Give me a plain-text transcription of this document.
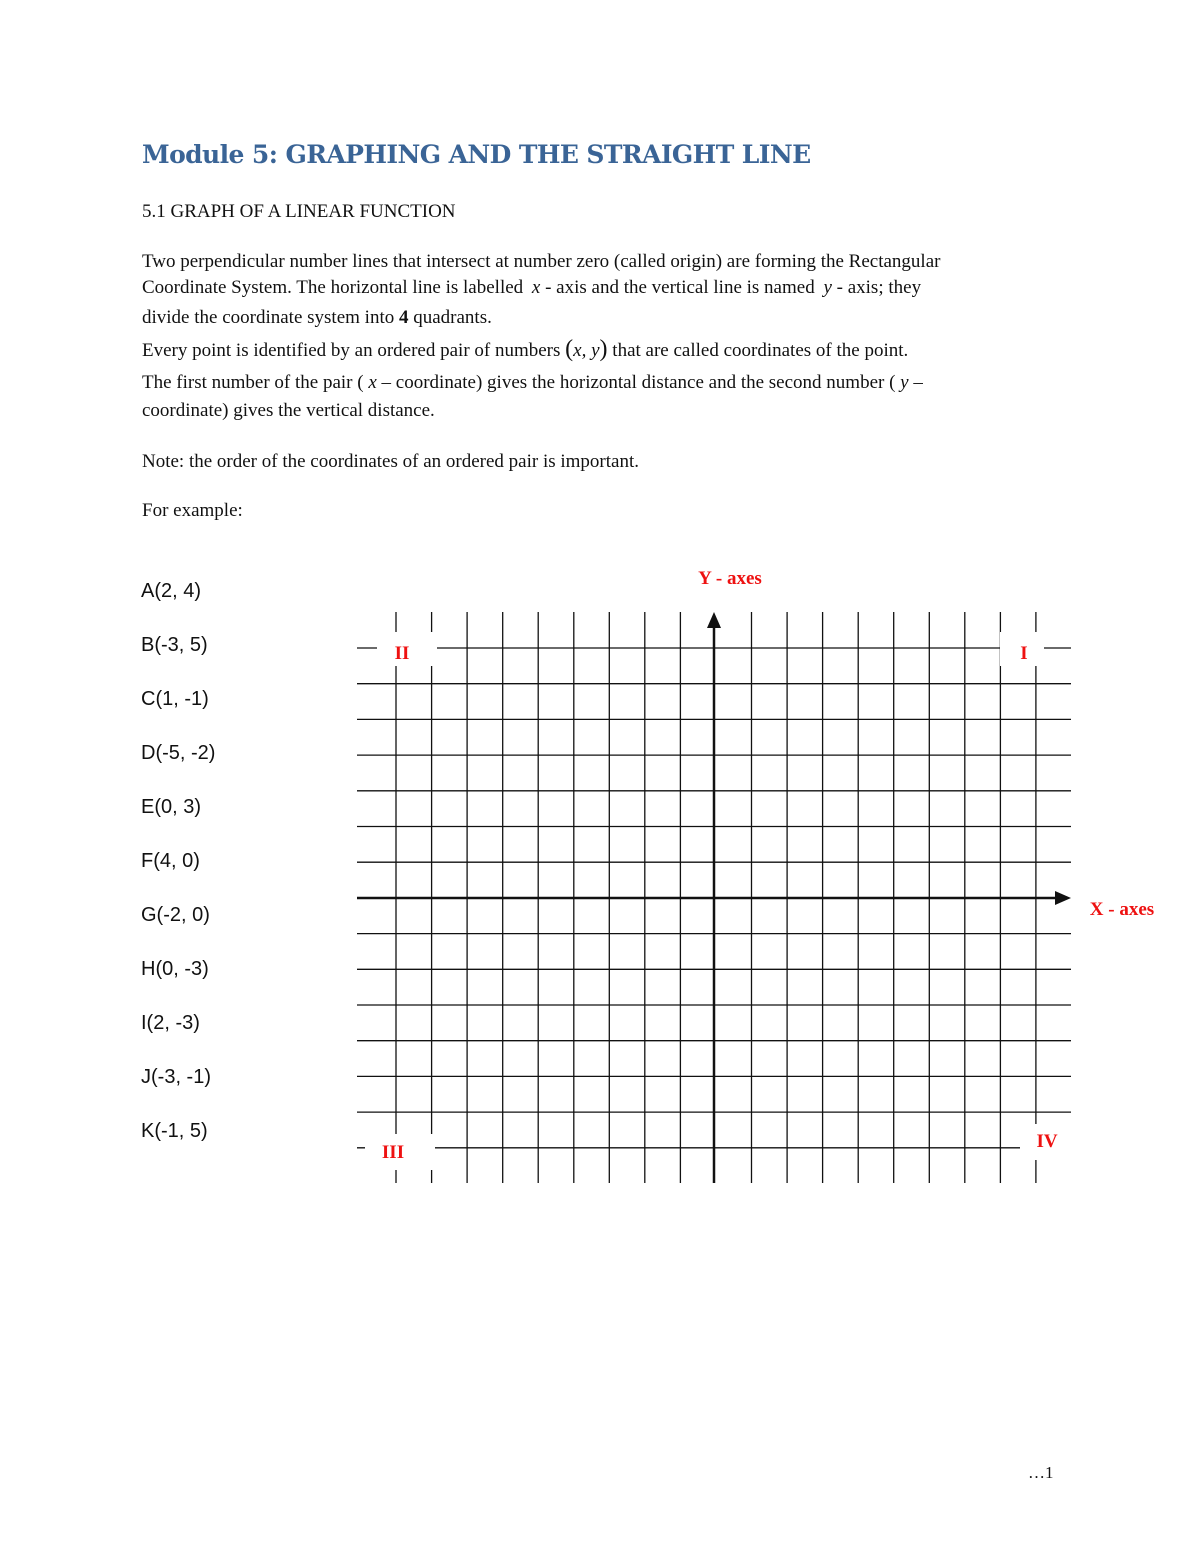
Module 5: GRAPHING AND THE STRAIGHT LINE
5.1 GRAPH OF A LINEAR FUNCTION
Two perpendicular number lines that intersect at number zero (called origin) are forming the Rectangular
Coordinate System. The horizontal line is labelled x - axis and the vertical line is named y - axis; they
divide the coordinate system into 4 quadrants.
Every point is identified by an ordered pair of numbers (x, y) that are called coordinates of the point.
The first number of the pair ( x – coordinate) gives the horizontal distance and the second number ( y –
coordinate) gives the vertical distance.
Note: the order of the coordinates of an ordered pair is important.
For example:
A(2, 4)
B(-3, 5)
C(1, -1)
D(-5, -2)
E(0, 3)
F(4, 0)
G(-2, 0)
H(0, -3)
I(2, -3)
J(-3, -1)
K(-1, 5)
Y - axes
X - axes
II	I
III
IV
…1
